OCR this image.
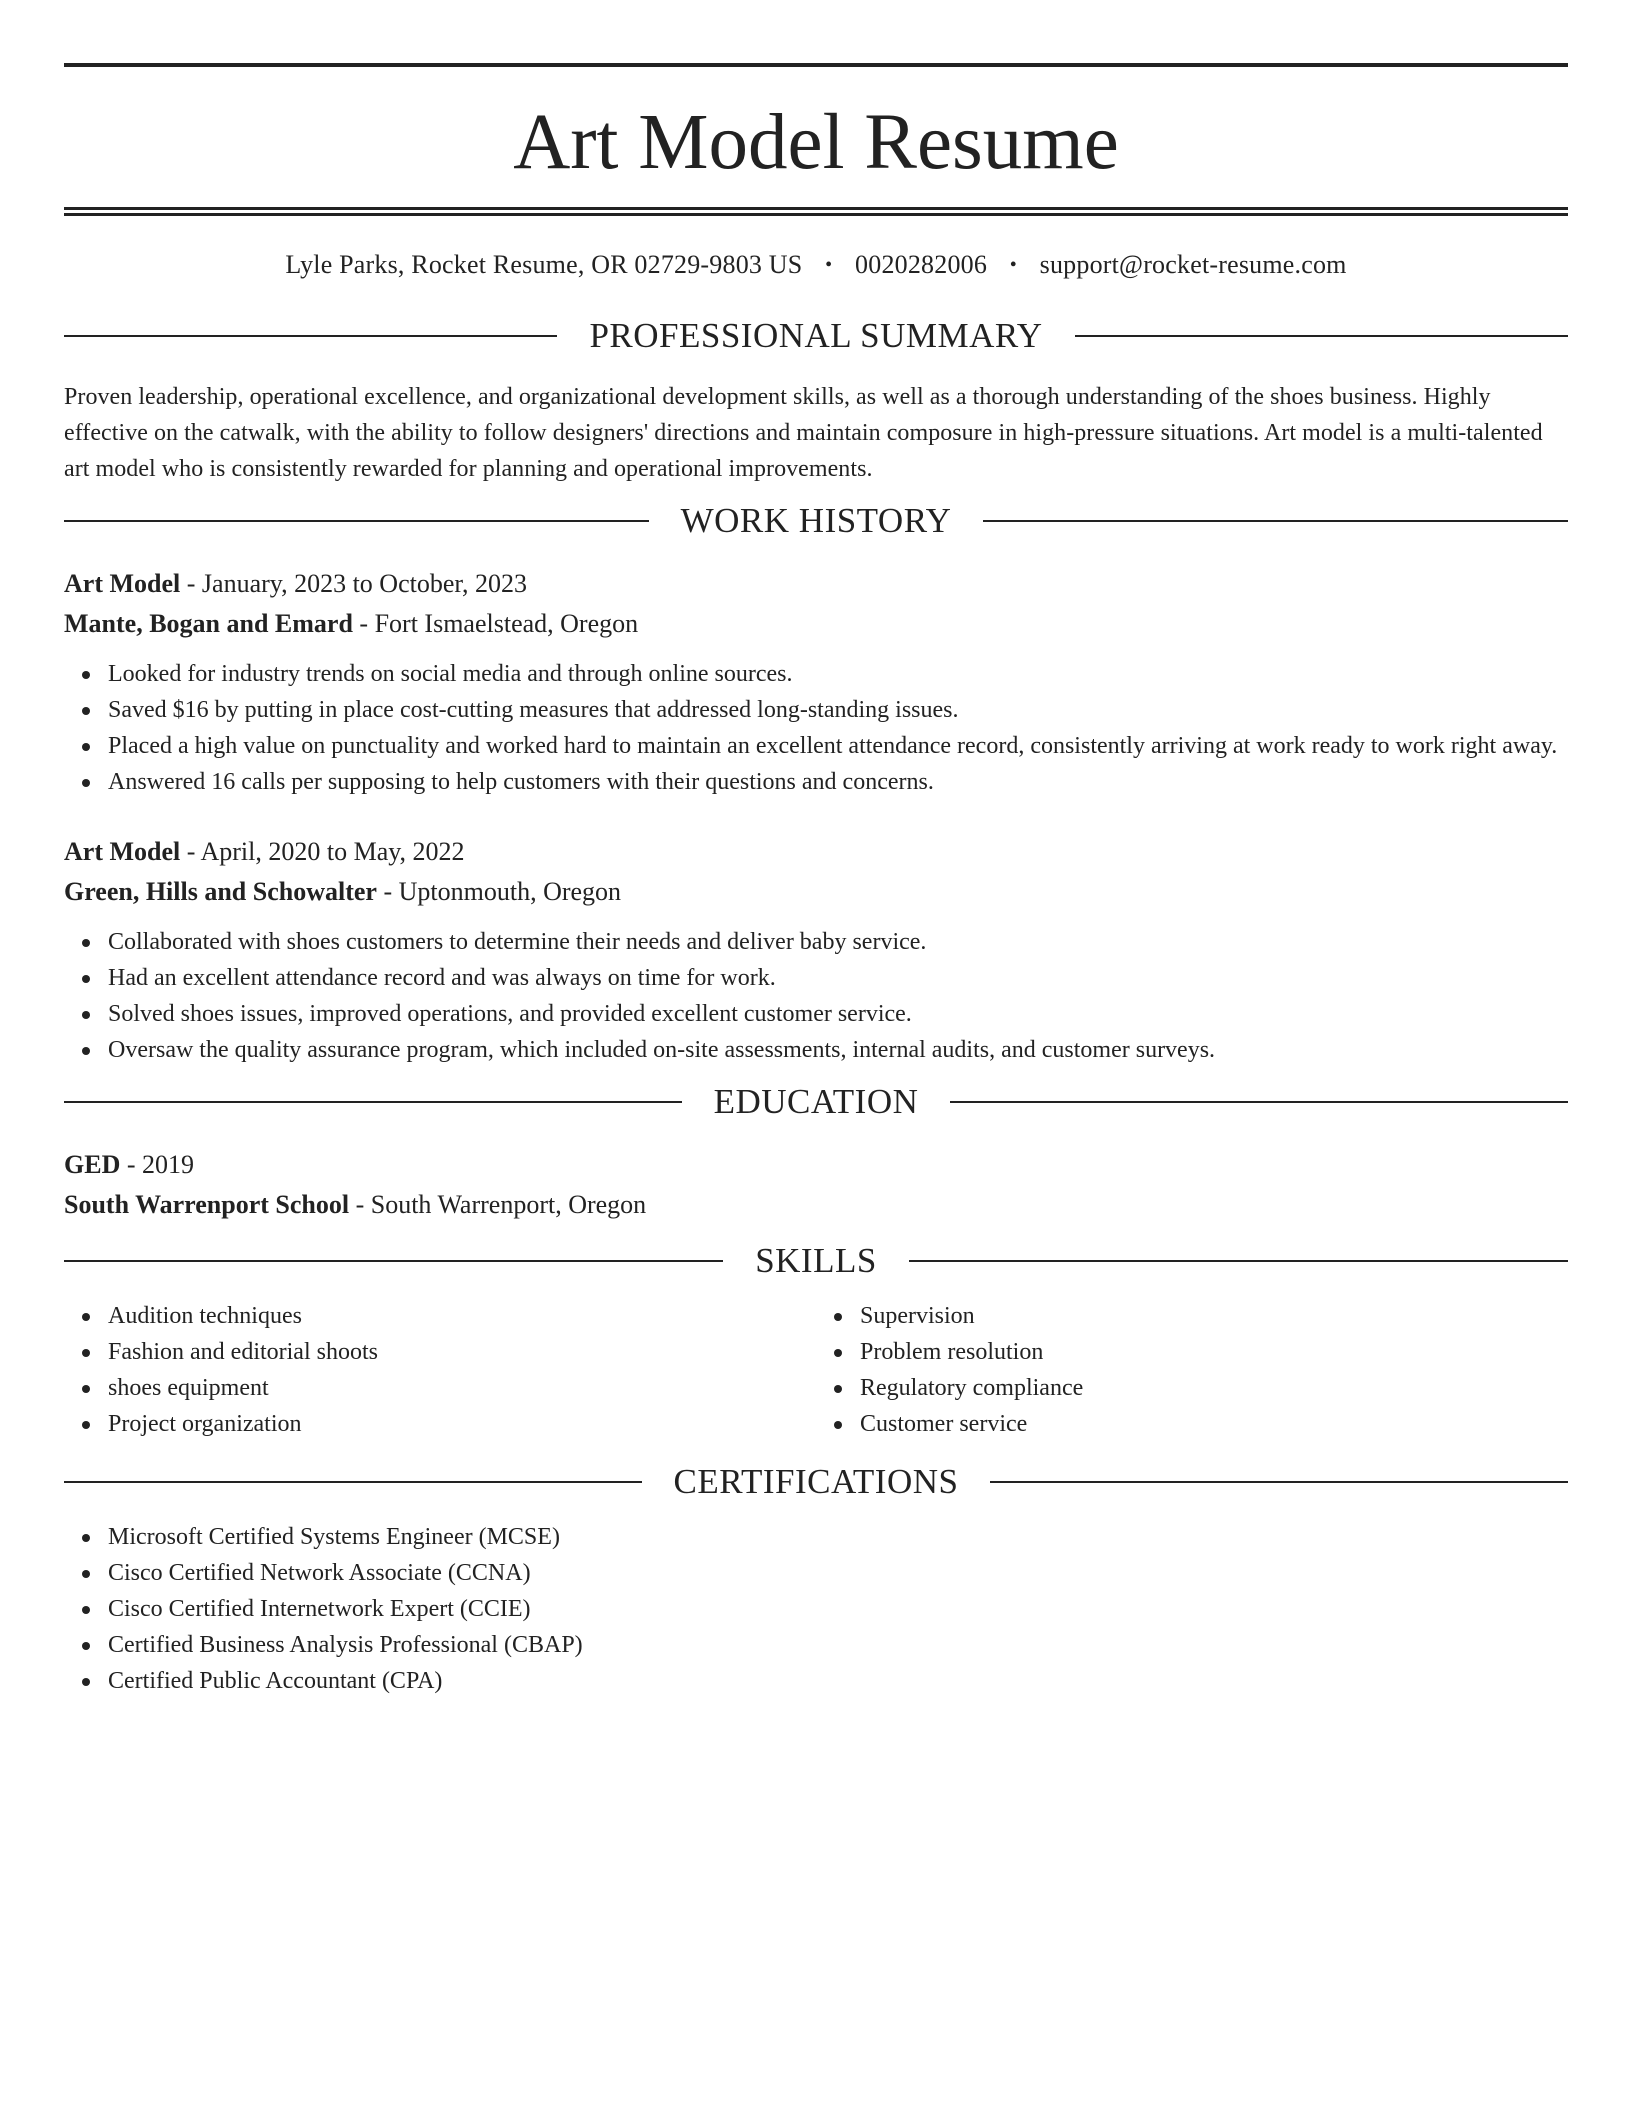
Art Model Resume
Lyle Parks, Rocket Resume, OR 02729-9803 US • 0020282006 • support@rocket-resume.com
PROFESSIONAL SUMMARY

Proven leadership, operational excellence, and organizational development skills, as well as a thorough understanding of the shoes business. Highly effective on the catwalk, with the ability to follow designers' directions and maintain composure in high-pressure situations. Art model is a multi-talented art model who is consistently rewarded for planning and operational improvements.

WORK HISTORY

Art Model - January, 2023 to October, 2023

Mante, Bogan and Emard - Fort Ismaelstead, Oregon

Looked for industry trends on social media and through online sources.
Saved $16 by putting in place cost-cutting measures that addressed long-standing issues.
Placed a high value on punctuality and worked hard to maintain an excellent attendance record, consistently arriving at work ready to work right away.
Answered 16 calls per supposing to help customers with their questions and concerns.

Art Model - April, 2020 to May, 2022

Green, Hills and Schowalter - Uptonmouth, Oregon

Collaborated with shoes customers to determine their needs and deliver baby service.
Had an excellent attendance record and was always on time for work.
Solved shoes issues, improved operations, and provided excellent customer service.
Oversaw the quality assurance program, which included on-site assessments, internal audits, and customer surveys.
EDUCATION

GED - 2019

South Warrenport School - South Warrenport, Oregon

SKILLS
Audition techniques
Fashion and editorial shoots
shoes equipment
Project organization
Supervision
Problem resolution
Regulatory compliance
Customer service
CERTIFICATIONS
Microsoft Certified Systems Engineer (MCSE)
Cisco Certified Network Associate (CCNA)
Cisco Certified Internetwork Expert (CCIE)
Certified Business Analysis Professional (CBAP)
Certified Public Accountant (CPA)
